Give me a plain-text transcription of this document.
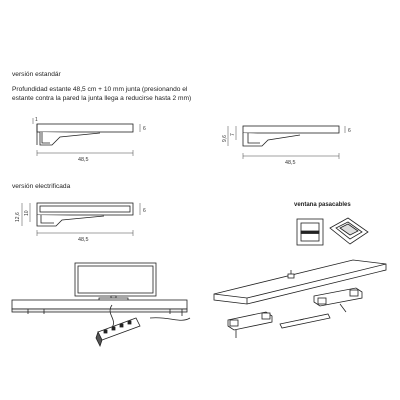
versión estandár
Profundidad estante 48,5 cm + 10 mm junta (presionando el
estante contra la pared la junta llega a reducirse hasta 2 mm)
versión electrificada
ventana pasacables
48,5
1
6
48,5
9,6
7
6
48,5
12,6 10	6
